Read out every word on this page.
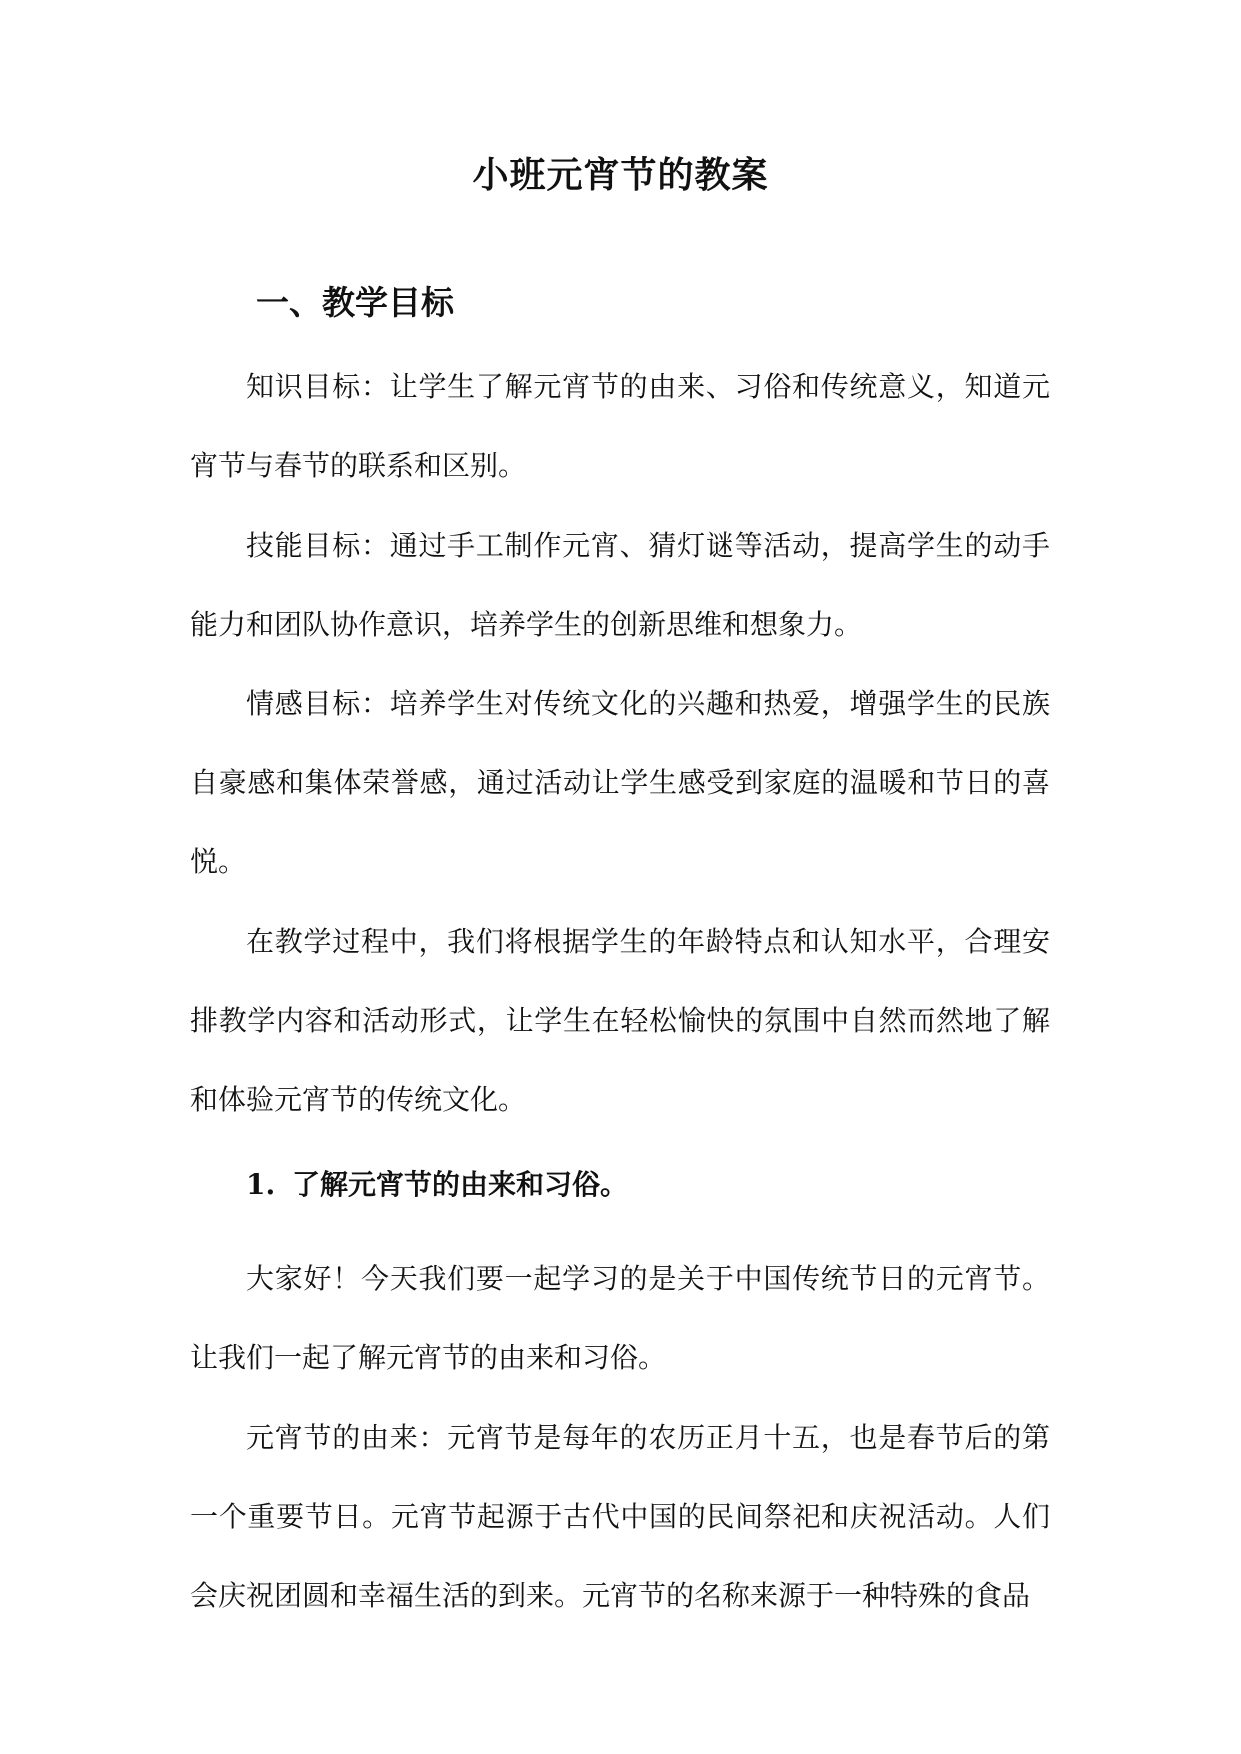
小班元宵节的教案
一、教学目标

知识目标：让学生了解元宵节的由来、习俗和传统意义，知道元宵节与春节的联系和区别。

技能目标：通过手工制作元宵、猜灯谜等活动，提高学生的动手能力和团队协作意识，培养学生的创新思维和想象力。

情感目标：培养学生对传统文化的兴趣和热爱，增强学生的民族自豪感和集体荣誉感，通过活动让学生感受到家庭的温暖和节日的喜悦。

在教学过程中，我们将根据学生的年龄特点和认知水平，合理安排教学内容和活动形式，让学生在轻松愉快的氛围中自然而然地了解和体验元宵节的传统文化。

1. 了解元宵节的由来和习俗。

大家好！今天我们要一起学习的是关于中国传统节日的元宵节。让我们一起了解元宵节的由来和习俗。

元宵节的由来：元宵节是每年的农历正月十五，也是春节后的第一个重要节日。元宵节起源于古代中国的民间祭祀和庆祝活动。人们会庆祝团圆和幸福生活的到来。元宵节的名称来源于一种特殊的食品
